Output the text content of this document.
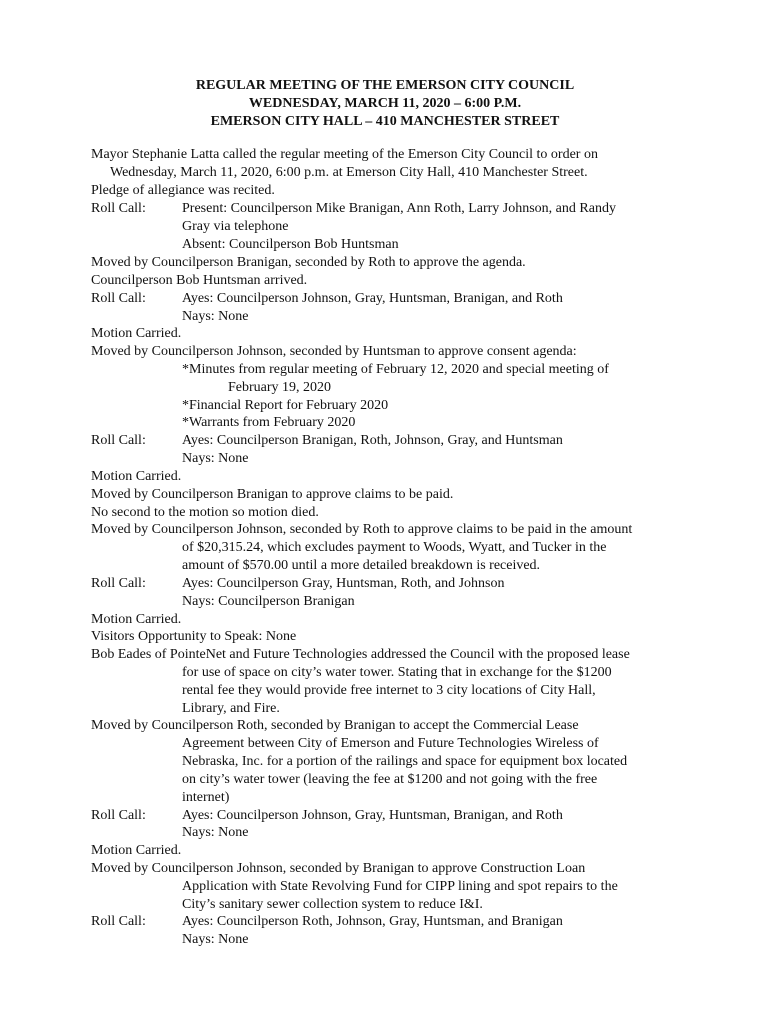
REGULAR MEETING OF THE EMERSON CITY COUNCIL
WEDNESDAY, MARCH 11, 2020 – 6:00 P.M.
EMERSON CITY HALL – 410 MANCHESTER STREET
Mayor Stephanie Latta called the regular meeting of the Emerson City Council to order on
Wednesday, March 11, 2020, 6:00 p.m. at Emerson City Hall, 410 Manchester Street.
Pledge of allegiance was recited.
Roll Call:	Present: Councilperson Mike Branigan, Ann Roth, Larry Johnson, and Randy
Gray via telephone
Absent: Councilperson Bob Huntsman
Moved by Councilperson Branigan, seconded by Roth to approve the agenda.
Councilperson Bob Huntsman arrived.
Roll Call:	Ayes: Councilperson Johnson, Gray, Huntsman, Branigan, and Roth
Nays: None
Motion Carried.
Moved by Councilperson Johnson, seconded by Huntsman to approve consent agenda:
*Minutes from regular meeting of February 12, 2020 and special meeting of
February 19, 2020
*Financial Report for February 2020
*Warrants from February 2020
Roll Call:	Ayes: Councilperson Branigan, Roth, Johnson, Gray, and Huntsman
Nays: None
Motion Carried.
Moved by Councilperson Branigan to approve claims to be paid.
No second to the motion so motion died.
Moved by Councilperson Johnson, seconded by Roth to approve claims to be paid in the amount
of $20,315.24, which excludes payment to Woods, Wyatt, and Tucker in the
amount of $570.00 until a more detailed breakdown is received.
Roll Call:	Ayes: Councilperson Gray, Huntsman, Roth, and Johnson
Nays: Councilperson Branigan
Motion Carried.
Visitors Opportunity to Speak: None
Bob Eades of PointeNet and Future Technologies addressed the Council with the proposed lease
for use of space on city’s water tower. Stating that in exchange for the $1200
rental fee they would provide free internet to 3 city locations of City Hall,
Library, and Fire.
Moved by Councilperson Roth, seconded by Branigan to accept the Commercial Lease
Agreement between City of Emerson and Future Technologies Wireless of
Nebraska, Inc. for a portion of the railings and space for equipment box located
on city’s water tower (leaving the fee at $1200 and not going with the free
internet)
Roll Call:	Ayes: Councilperson Johnson, Gray, Huntsman, Branigan, and Roth
Nays: None
Motion Carried.
Moved by Councilperson Johnson, seconded by Branigan to approve Construction Loan
Application with State Revolving Fund for CIPP lining and spot repairs to the
City’s sanitary sewer collection system to reduce I&I.
Roll Call:	Ayes: Councilperson Roth, Johnson, Gray, Huntsman, and Branigan
Nays: None
